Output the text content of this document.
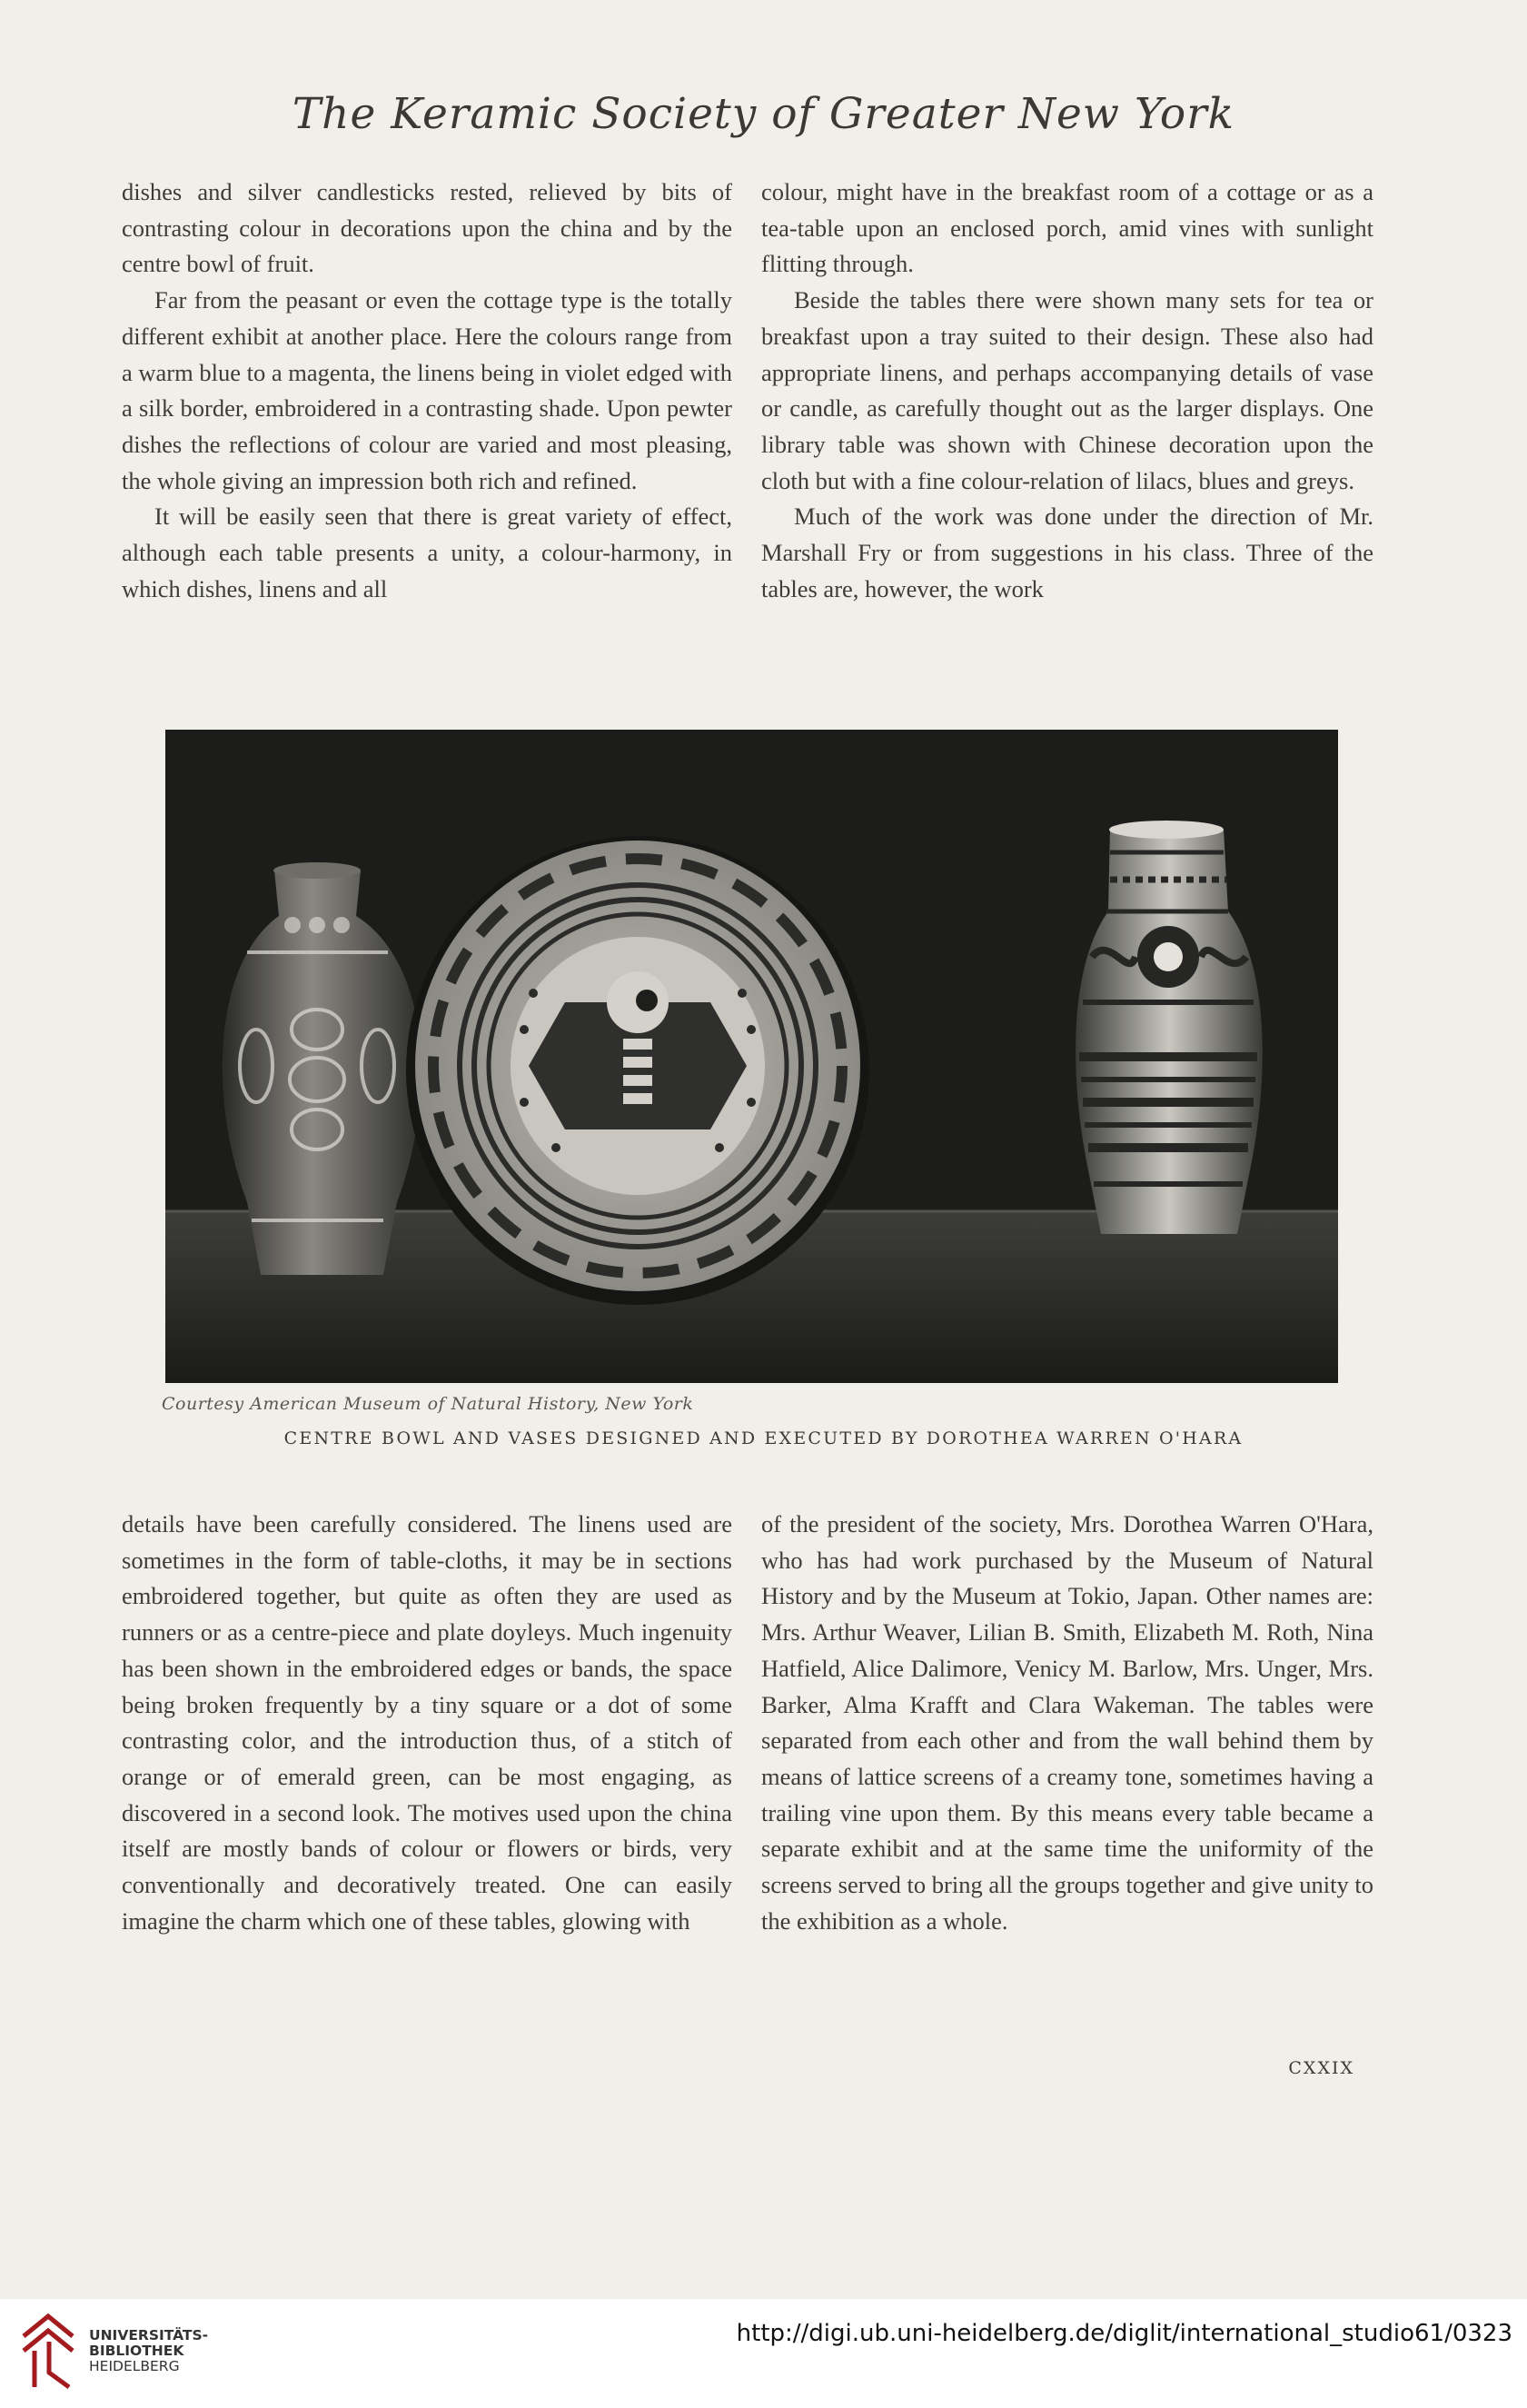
The Keramic Society of Greater New York

dishes and silver candlesticks rested, relieved by bits of contrasting colour in decorations upon the china and by the centre bowl of fruit.

Far from the peasant or even the cottage type is the totally different exhibit at another place. Here the colours range from a warm blue to a magenta, the linens being in violet edged with a silk border, embroidered in a contrasting shade. Upon pewter dishes the reflections of colour are varied and most pleasing, the whole giving an impression both rich and refined.

It will be easily seen that there is great variety of effect, although each table presents a unity, a colour-harmony, in which dishes, linens and all

colour, might have in the breakfast room of a cottage or as a tea-table upon an enclosed porch, amid vines with sunlight flitting through.

Beside the tables there were shown many sets for tea or breakfast upon a tray suited to their design. These also had appropriate linens, and perhaps accompanying details of vase or candle, as carefully thought out as the larger displays. One library table was shown with Chinese decoration upon the cloth but with a fine colour-relation of lilacs, blues and greys.

Much of the work was done under the direction of Mr. Marshall Fry or from suggestions in his class. Three of the tables are, however, the work

Courtesy American Museum of Natural History, New York
CENTRE BOWL AND VASES DESIGNED AND EXECUTED BY DOROTHEA WARREN O'HARA

details have been carefully considered. The linens used are sometimes in the form of table-cloths, it may be in sections embroidered together, but quite as often they are used as runners or as a centre-piece and plate doyleys. Much ingenuity has been shown in the embroidered edges or bands, the space being broken frequently by a tiny square or a dot of some contrasting color, and the introduction thus, of a stitch of orange or of emerald green, can be most engaging, as discovered in a second look. The motives used upon the china itself are mostly bands of colour or flowers or birds, very conventionally and decoratively treated. One can easily imagine the charm which one of these tables, glowing with

of the president of the society, Mrs. Dorothea Warren O'Hara, who has had work purchased by the Museum of Natural History and by the Museum at Tokio, Japan. Other names are: Mrs. Arthur Weaver, Lilian B. Smith, Elizabeth M. Roth, Nina Hatfield, Alice Dalimore, Venicy M. Barlow, Mrs. Unger, Mrs. Barker, Alma Krafft and Clara Wakeman. The tables were separated from each other and from the wall behind them by means of lattice screens of a creamy tone, sometimes having a trailing vine upon them. By this means every table became a separate exhibit and at the same time the uniformity of the screens served to bring all the groups together and give unity to the exhibition as a whole.

CXXIX
UNIVERSITÄTS-
BIBLIOTHEK
HEIDELBERG
http://digi.ub.uni-heidelberg.de/diglit/international_studio61/0323
